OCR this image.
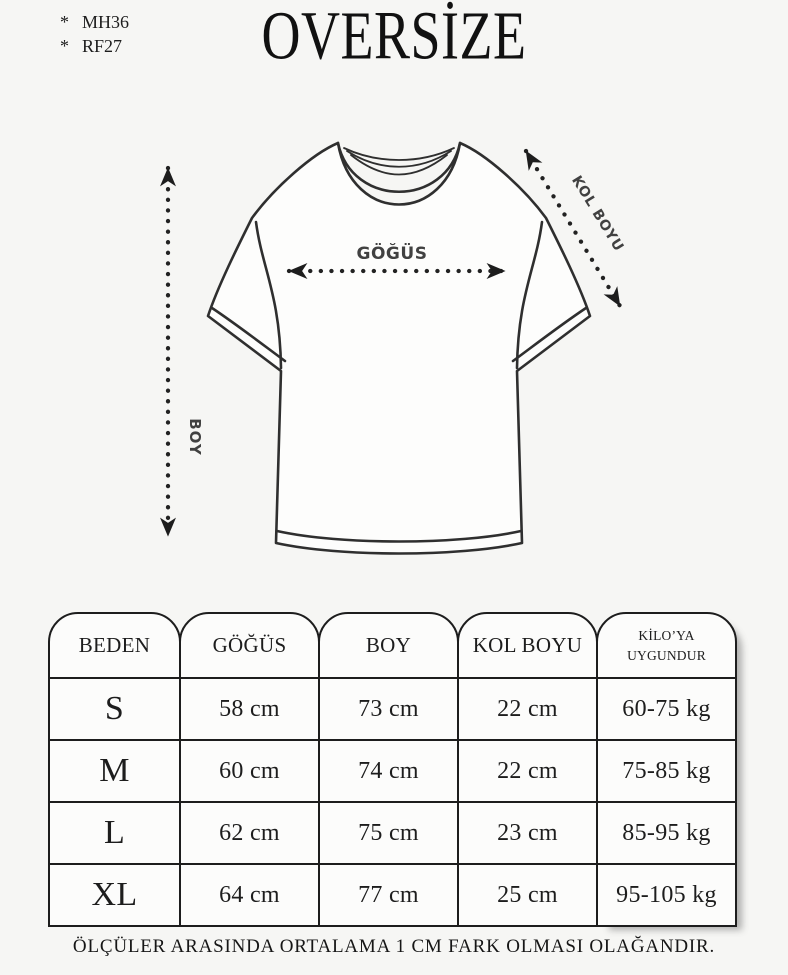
* MH36
* RF27	OVERSİZE
GÖĞÜS
BOY
KOL BOYU
BEDEN
S
M
L
XL
GÖĞÜS
58 cm
60 cm
62 cm
64 cm
BOY
73 cm
74 cm
75 cm
77 cm
KOL BOYU
22 cm
22 cm
23 cm
25 cm
KİLO’YA UYGUNDUR
60-75 kg
75-85 kg
85-95 kg
95-105 kg
ÖLÇÜLER ARASINDA ORTALAMA 1 CM FARK OLMASI OLAĞANDIR.
